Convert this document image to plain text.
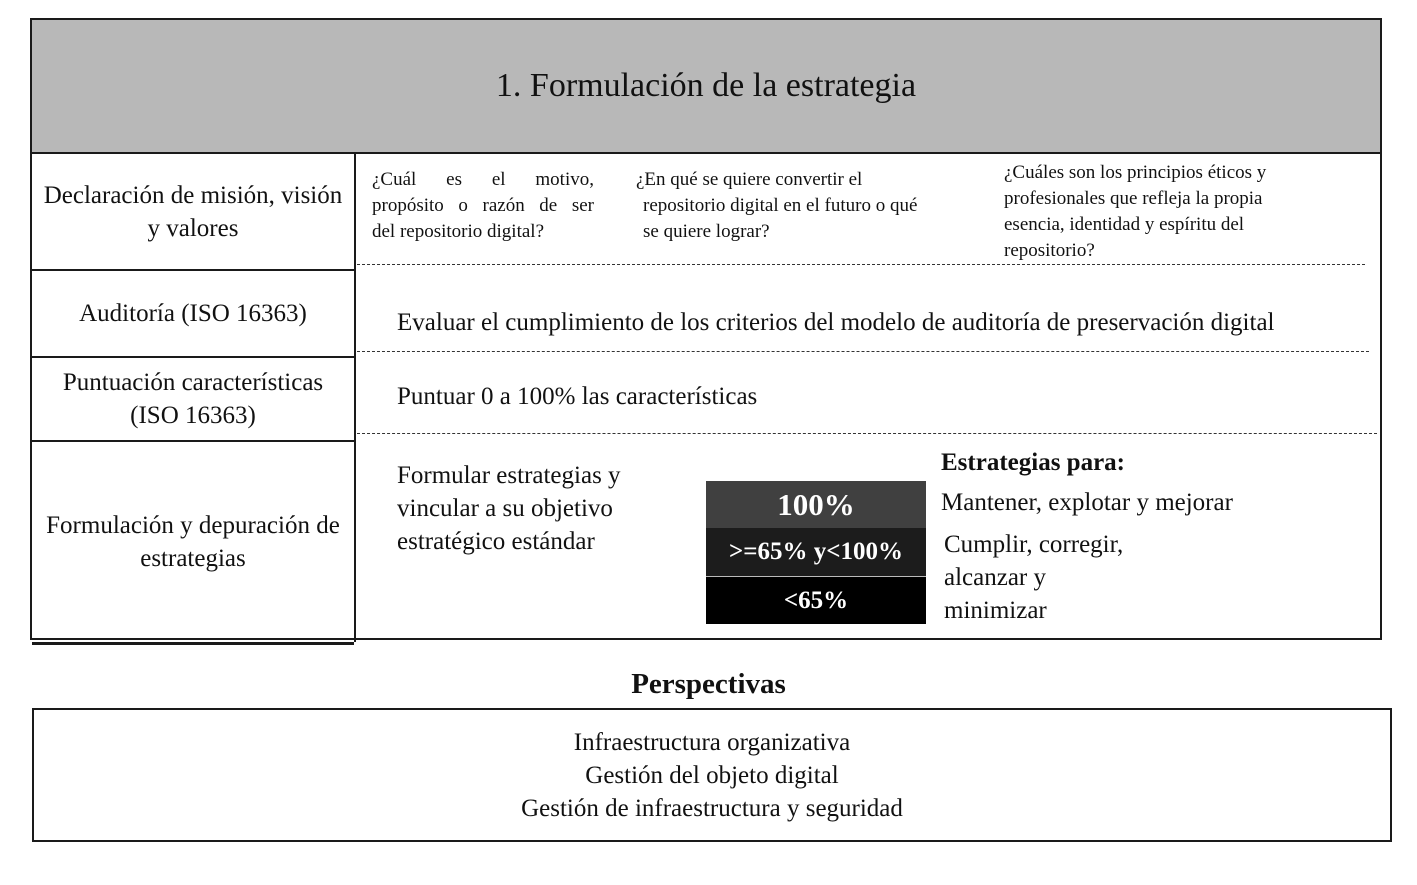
1. Formulación de la estrategia
Declaración de misión, visión y valores
Auditoría (ISO 16363)
Puntuación características (ISO 16363)
Formulación y depuración de estrategias
¿Cuál es el motivo,
propósito o razón de ser
del repositorio digital?
¿En qué se quiere convertir el
repositorio digital en el futuro o qué
se quiere lograr?
¿Cuáles son los principios éticos y
profesionales que refleja la propia
esencia, identidad y espíritu del
repositorio?
Evaluar el cumplimiento de los criterios del modelo de auditoría de preservación digital
Puntuar 0 a 100% las características
Formular estrategias y
vincular a su objetivo
estratégico estándar
Estrategias para:
100%
>=65% y<100%
<65%
Mantener, explotar y mejorar
Cumplir, corregir,
alcanzar y
minimizar
Perspectivas
Infraestructura organizativa
Gestión del objeto digital
Gestión de infraestructura y seguridad
